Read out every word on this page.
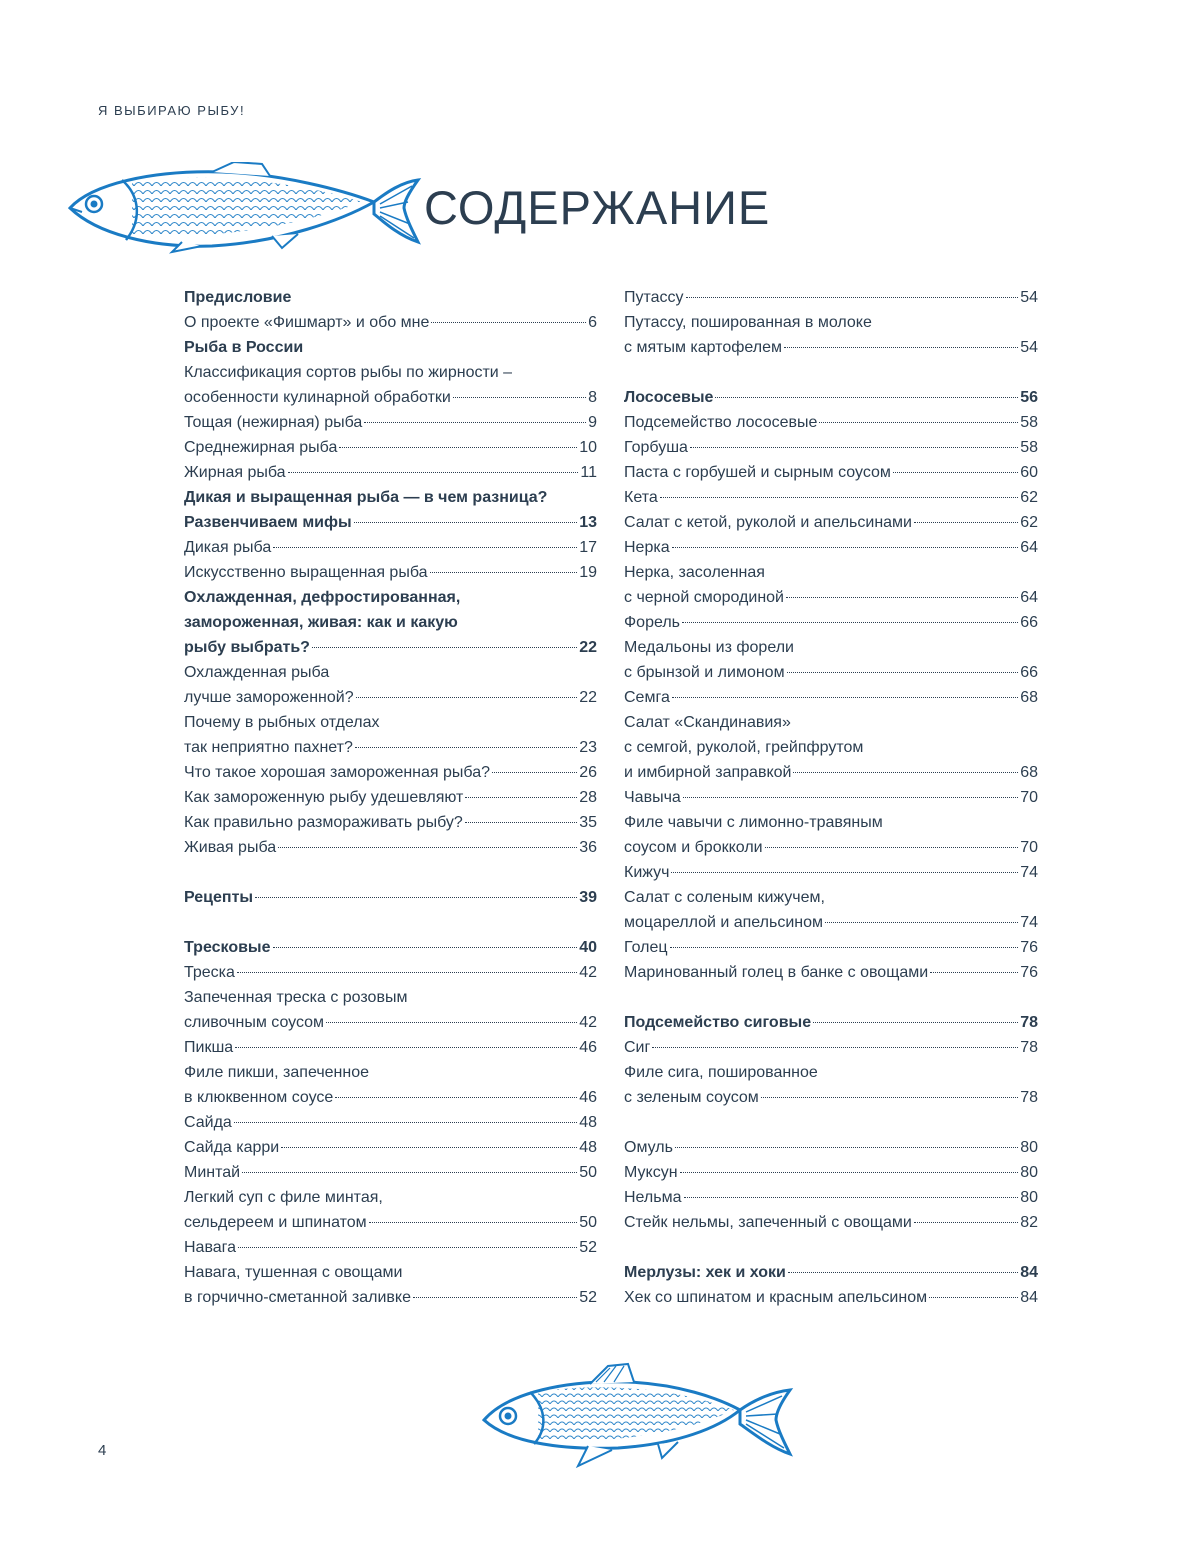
Я ВЫБИРАЮ РЫБУ!
СОДЕРЖАНИЕ
Предисловие
О проекте «Фишмарт» и обо мне	6
Рыба в России
Классификация сортов рыбы по жирности –
особенности кулинарной обработки	8
Тощая (нежирная) рыба	9
Среднежирная рыба	10
Жирная рыба	11
Дикая и выращенная рыба — в чем разница?
Развенчиваем мифы	13
Дикая рыба	17
Искусственно выращенная рыба	19
Охлажденная, дефростированная,
замороженная, живая: как и какую
рыбу выбрать?	22
Охлажденная рыба
лучше замороженной?	22
Почему в рыбных отделах
так неприятно пахнет?	23
Что такое хорошая замороженная рыба?	26
Как замороженную рыбу удешевляют	28
Как правильно размораживать рыбу?	35
Живая рыба	36
Рецепты	39
Тресковые	40
Треска	42
Запеченная треска с розовым
сливочным соусом	42
Пикша	46
Филе пикши, запеченное
в клюквенном соусе	46
Сайда	48
Сайда карри	48
Минтай	50
Легкий суп с филе минтая,
сельдереем и шпинатом	50
Навага	52
Навага, тушенная с овощами
в горчично-сметанной заливке	52
Путассу	54
Путассу, пошированная в молоке
с мятым картофелем	54
Лососевые	56
Подсемейство лососевые	58
Горбуша	58
Паста с горбушей и сырным соусом	60
Кета	62
Салат с кетой, руколой и апельсинами	62
Нерка	64
Нерка, засоленная
с черной смородиной	64
Форель	66
Медальоны из форели
с брынзой и лимоном	66
Семга	68
Салат «Скандинавия»
с семгой, руколой, грейпфрутом
и имбирной заправкой	68
Чавыча	70
Филе чавычи с лимонно-травяным
соусом и брокколи	70
Кижуч	74
Салат с соленым кижучем,
моцареллой и апельсином	74
Голец	76
Маринованный голец в банке с овощами	76
Подсемейство сиговые	78
Сиг	78
Филе сига, пошированное
с зеленым соусом	78
Омуль	80
Муксун	80
Нельма	80
Стейк нельмы, запеченный с овощами	82
Мерлузы: хек и хоки	84
Хек со шпинатом и красным апельсином	84
4
